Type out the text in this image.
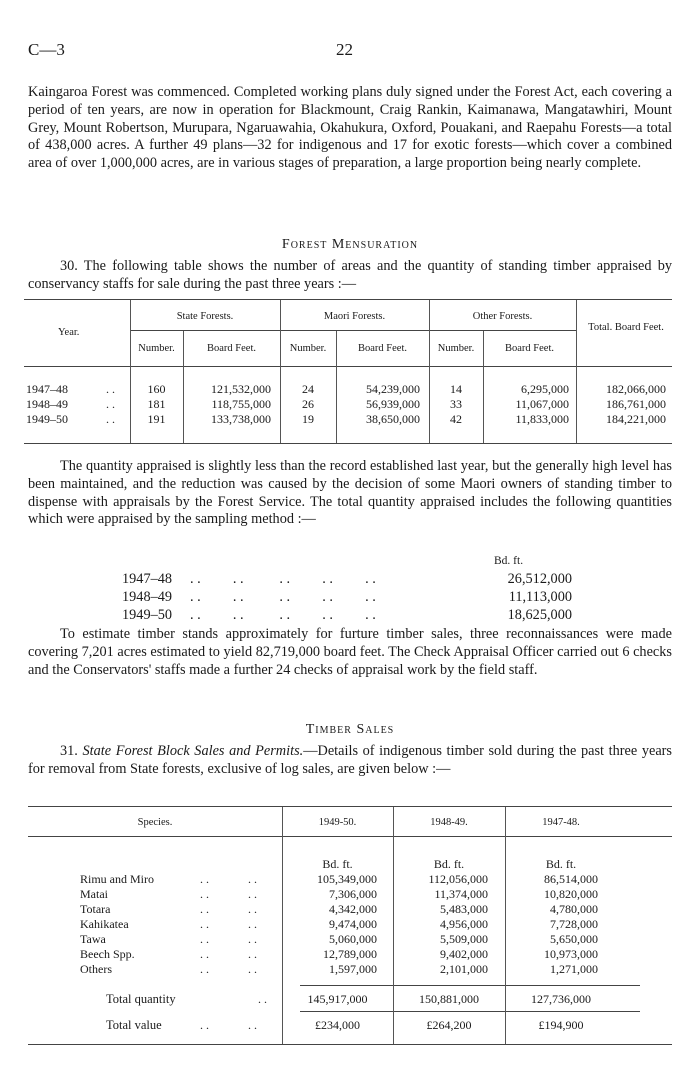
C—3	22
Kaingaroa Forest was commenced. Completed working plans duly signed under the Forest Act, each covering a period of ten years, are now in operation for Blackmount, Craig Rankin, Kaimanawa, Mangatawhiri, Mount Grey, Mount Robertson, Murupara, Ngaruawahia, Okahukura, Oxford, Pouakani, and Raepahu Forests—a total of 438,000 acres. A further 49 plans—32 for indigenous and 17 for exotic forests—which cover a combined area of over 1,000,000 acres, are in various stages of preparation, a large proportion being nearly complete.
Forest Mensuration
30. The following table shows the number of areas and the quantity of standing timber appraised by conservancy staffs for sale during the past three years :—
Year.
State Forests.	Maori Forests.	Other Forests.
Total. Board Feet.
Number.	Board Feet.	Number.	Board Feet.	Number.	Board Feet.
1947–48	. .	160	121,532,000	24	54,239,000	14	6,295,000	182,066,000
1948–49	. .	181	118,755,000	26	56,939,000	33	11,067,000	186,761,000
1949–50	. .	191	133,738,000	19	38,650,000	42	11,833,000	184,221,000
The quantity appraised is slightly less than the record established last year, but the generally high level has been maintained, and the reduction was caused by the decision of some Maori owners of standing timber to dispense with appraisals by the Forest Service. The total quantity appraised includes the following quantities which were appraised by the sampling method :—
Bd. ft.
1947–48 . .         . .          . .         . .         . .	26,512,000
1948–49 . .         . .          . .         . .         . .	11,113,000
1949–50 . .         . .          . .         . .         . .	18,625,000
To estimate timber stands approximately for furture timber sales, three reconnaissances were made covering 7,201 acres estimated to yield 82,719,000 board feet. The Check Appraisal Officer carried out 6 checks and the Conservators' staffs made a further 24 checks of appraisal work by the field staff.
Timber Sales
31. State Forest Block Sales and Permits.—Details of indigenous timber sold during the past three years for removal from State forests, exclusive of log sales, are given below :—
Species.	1949-50.	1948-49.	1947-48.
Bd. ft.	Bd. ft.	Bd. ft.
Rimu and Miro	. .             . .	105,349,000	112,056,000	86,514,000
Matai	. .             . .	7,306,000	11,374,000	10,820,000
Totara	. .             . .	4,342,000	5,483,000	4,780,000
Kahikatea	. .             . .	9,474,000	4,956,000	7,728,000
Tawa	. .             . .	5,060,000	5,509,000	5,650,000
Beech Spp.	. .             . .	12,789,000	9,402,000	10,973,000
Others	. .             . .	1,597,000	2,101,000	1,271,000
Total quantity	. .	145,917,000	150,881,000	127,736,000
Total value	. .             . .	£234,000	£264,200	£194,900
